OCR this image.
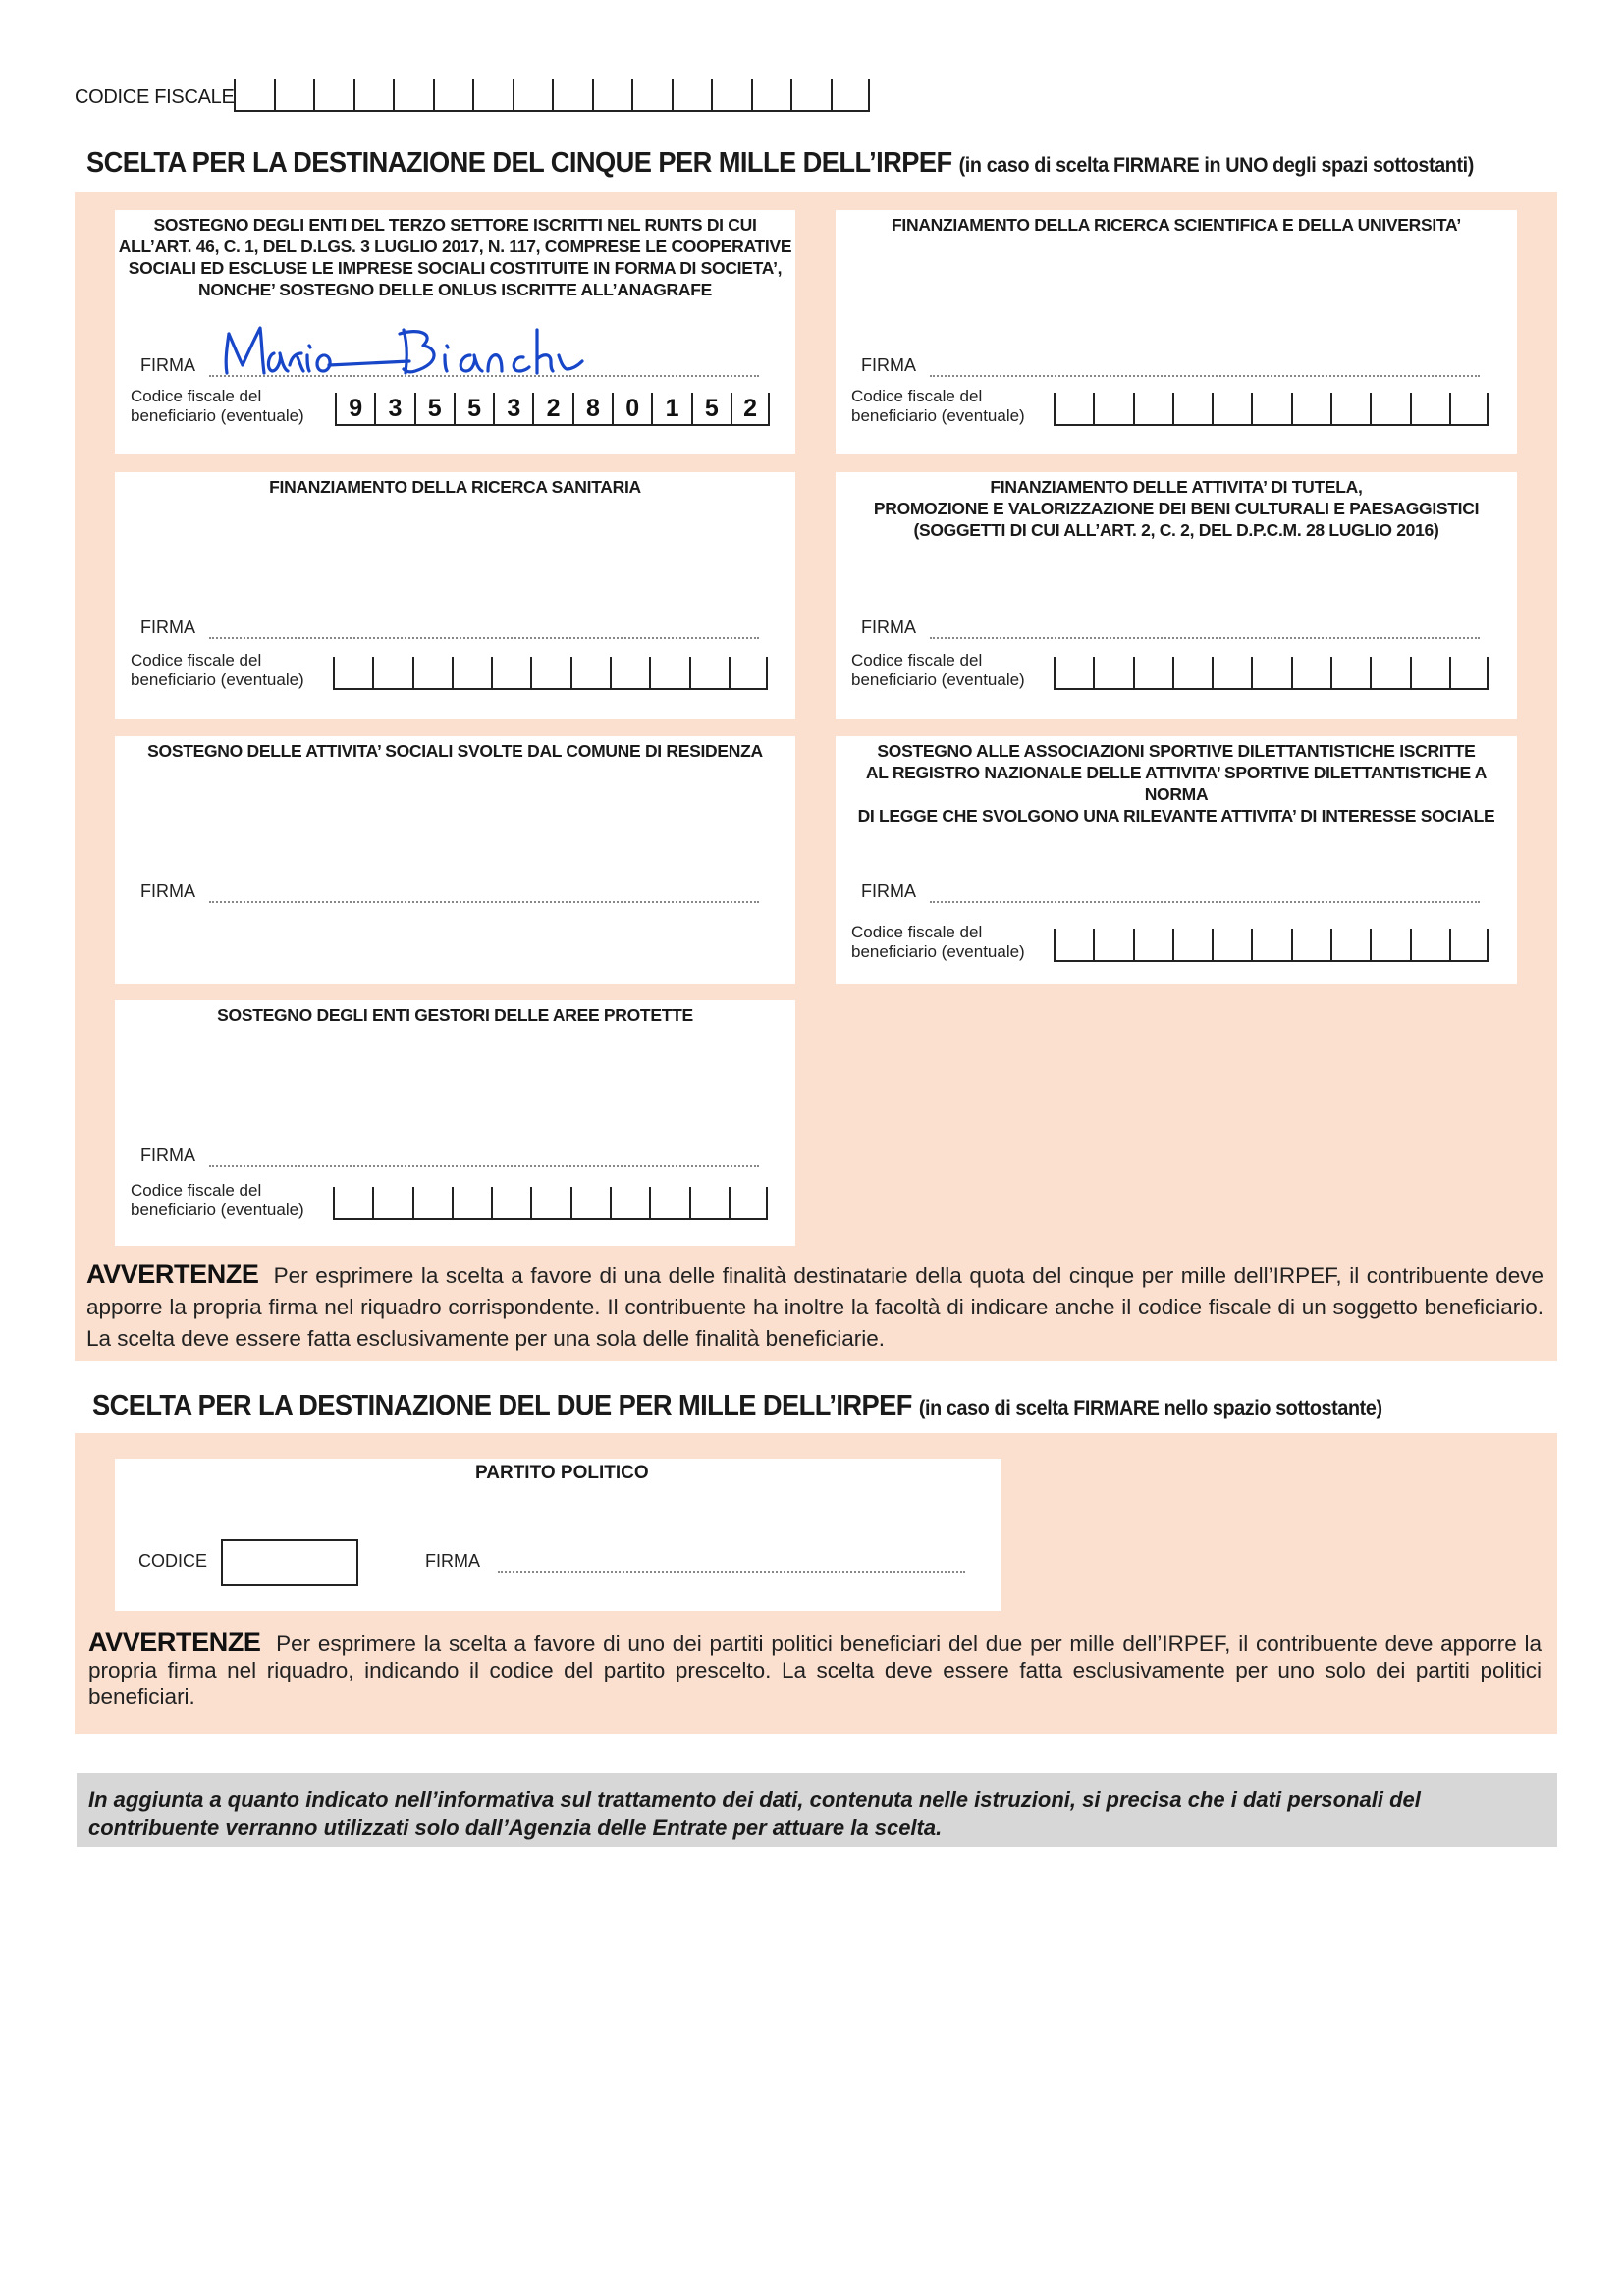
CODICE FISCALE
SCELTA PER LA DESTINAZIONE DEL CINQUE PER MILLE DELL’IRPEF (in caso di scelta FIRMARE in UNO degli spazi sottostanti)
SOSTEGNO DEGLI ENTI DEL TERZO SETTORE ISCRITTI NEL RUNTS DI CUI
ALL’ART. 46, C. 1, DEL D.LGS. 3 LUGLIO 2017, N. 117, COMPRESE LE COOPERATIVE
SOCIALI ED ESCLUSE LE IMPRESE SOCIALI COSTITUITE IN FORMA DI SOCIETA’,
NONCHE’ SOSTEGNO DELLE ONLUS ISCRITTE ALL’ANAGRAFE
FIRMA
Codice fiscale del
beneficiario (eventuale)	9	3	5	5	3	2	8	0	1	5	2
FINANZIAMENTO DELLA RICERCA SCIENTIFICA E DELLA UNIVERSITA’
FIRMA
Codice fiscale del
beneficiario (eventuale)
FINANZIAMENTO DELLA RICERCA SANITARIA
FIRMA
Codice fiscale del
beneficiario (eventuale)
FINANZIAMENTO DELLE ATTIVITA’ DI TUTELA,
PROMOZIONE E VALORIZZAZIONE DEI BENI CULTURALI E PAESAGGISTICI
(SOGGETTI DI CUI ALL’ART. 2, C. 2, DEL D.P.C.M. 28 LUGLIO 2016)
FIRMA
Codice fiscale del
beneficiario (eventuale)
SOSTEGNO DELLE ATTIVITA’ SOCIALI SVOLTE DAL COMUNE DI RESIDENZA
FIRMA
SOSTEGNO ALLE ASSOCIAZIONI SPORTIVE DILETTANTISTICHE ISCRITTE
AL REGISTRO NAZIONALE DELLE ATTIVITA’ SPORTIVE DILETTANTISTICHE A NORMA
DI LEGGE CHE SVOLGONO UNA RILEVANTE ATTIVITA’ DI INTERESSE SOCIALE
FIRMA
Codice fiscale del
beneficiario (eventuale)
SOSTEGNO DEGLI ENTI GESTORI DELLE AREE PROTETTE
FIRMA
Codice fiscale del
beneficiario (eventuale)
AVVERTENZE Per esprimere la scelta a favore di una delle finalità destinatarie della quota del cinque per mille dell’IRPEF, il contribuente deve apporre la propria firma nel riquadro corrispondente. Il contribuente ha inoltre la facoltà di indicare anche il codice fiscale di un soggetto beneficiario. La scelta deve essere fatta esclusivamente per una sola delle finalità beneficiarie.
SCELTA PER LA DESTINAZIONE DEL DUE PER MILLE DELL’IRPEF (in caso di scelta FIRMARE nello spazio sottostante)
PARTITO POLITICO
CODICE	FIRMA
AVVERTENZE Per esprimere la scelta a favore di uno dei partiti politici beneficiari del due per mille dell’IRPEF, il contribuente deve apporre la propria firma nel riquadro, indicando il codice del partito prescelto. La scelta deve essere fatta esclusivamente per uno solo dei partiti politici beneficiari.
In aggiunta a quanto indicato nell’informativa sul trattamento dei dati, contenuta nelle istruzioni, si precisa che i dati personali del contribuente verranno utilizzati solo dall’Agenzia delle Entrate per attuare la scelta.
